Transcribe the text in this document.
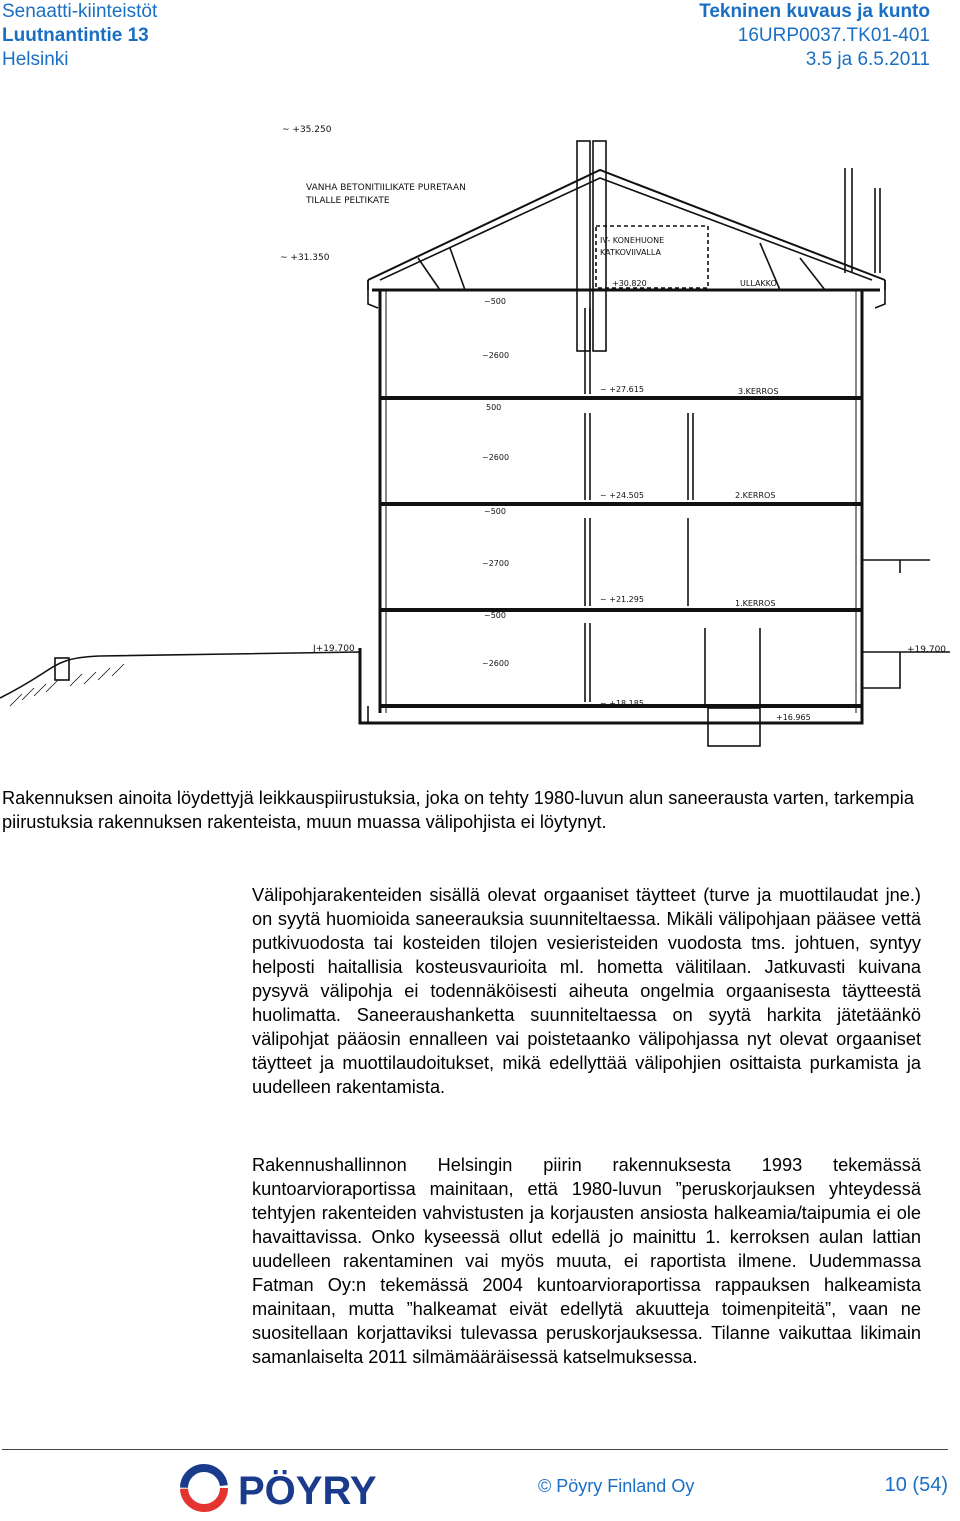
Senaatti-kiinteistöt
Luutnantintie 13
Helsinki
Tekninen kuvaus ja kunto
16URP0037.TK01-401
3.5 ja 6.5.2011
~ +35.250
VANHA BETONITIILIKATE PURETAAN
TILALLE PELTIKATE
~ +31.350
IV- KONEHUONE
KATKOVIIVALLA
+30.820	ULLAKKO
~500
~2600
~ +27.615	3.KERROS
500
~2600
~ +24.505	2.KERROS
~500
~2700
~ +21.295	1.KERROS
~500
J+19.700	+19.700
~2600
~ +18.185
+16.965

Rakennuksen ainoita löydettyjä leikkauspiirustuksia, joka on tehty 1980-luvun alun saneerausta varten, tarkempia piirustuksia rakennuksen rakenteista, muun muassa välipohjista ei löytynyt.

Välipohjarakenteiden sisällä olevat orgaaniset täytteet (turve ja muottilaudat jne.) on syytä huomioida saneerauksia suunniteltaessa. Mikäli välipohjaan pääsee vettä putkivuodosta tai kosteiden tilojen vesieristeiden vuodosta tms. johtuen, syntyy helposti haitallisia kosteusvaurioita ml. hometta välitilaan. Jatkuvasti kuivana pysyvä välipohja ei todennäköisesti aiheuta ongelmia orgaanisesta täytteestä huolimatta. Saneeraushanketta suunniteltaessa on syytä harkita jätetäänkö välipohjat pääosin ennalleen vai poistetaanko välipohjassa nyt olevat orgaaniset täytteet ja muottilaudoitukset, mikä edellyttää välipohjien osittaista purkamista ja uudelleen rakentamista.

Rakennushallinnon Helsingin piirin rakennuksesta 1993 tekemässä kuntoarvioraportissa mainitaan, että 1980-luvun ”peruskorjauksen yhteydessä tehtyjen rakenteiden vahvistusten ja korjausten ansiosta halkeamia/taipumia ei ole havaittavissa. Onko kyseessä ollut edellä jo mainittu 1. kerroksen aulan lattian uudelleen rakentaminen vai myös muuta, ei raportista ilmene. Uudemmassa Fatman Oy:n tekemässä 2004 kuntoarvioraportissa rappauksen halkeamista mainitaan, mutta ”halkeamat eivät edellytä akuutteja toimenpiteitä”, vaan ne suositellaan korjattaviksi tulevassa peruskorjauksessa. Tilanne vaikuttaa likimain samanlaiselta 2011 silmämääräisessä katselmuksessa.

PÖYRY	© Pöyry Finland Oy	10 (54)
